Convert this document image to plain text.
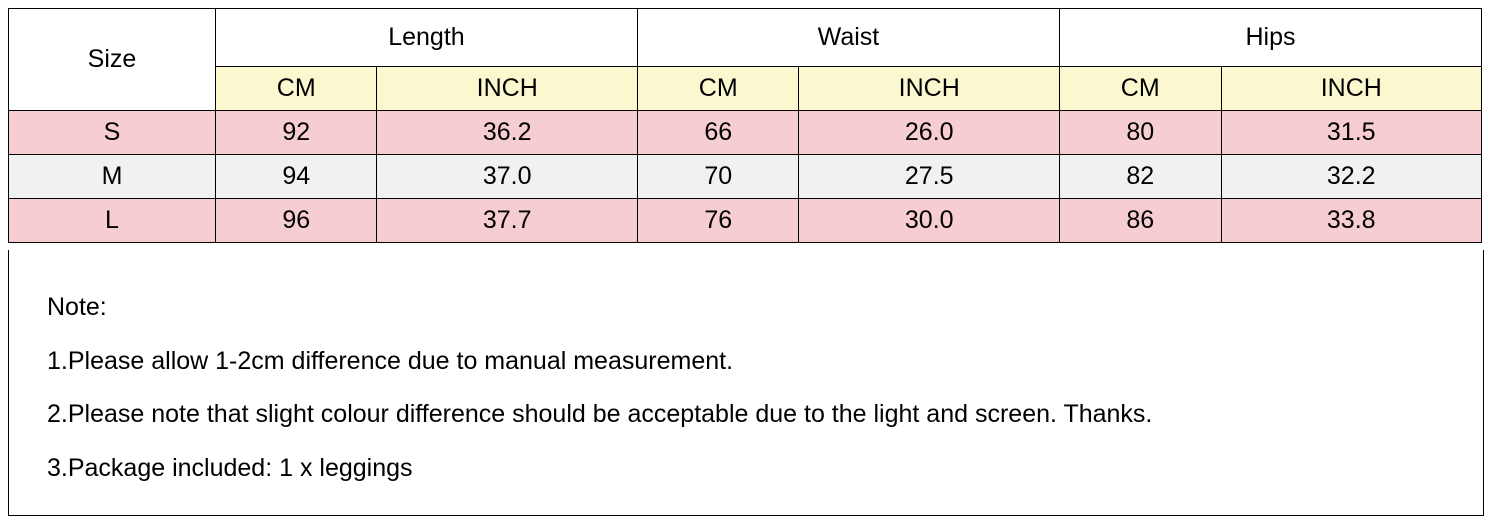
Size	Length		Waist		Hips	
	CM	INCH	CM	INCH	CM	INCH
S	92	36.2	66	26.0	80	31.5
M	94	37.0	70	27.5	82	32.2
L	96	37.7	76	30.0	86	33.8

Note:

1.Please allow 1-2cm difference due to manual measurement.

2.Please note that slight colour difference should be acceptable due to the light and screen. Thanks.

3.Package included: 1 x leggings
